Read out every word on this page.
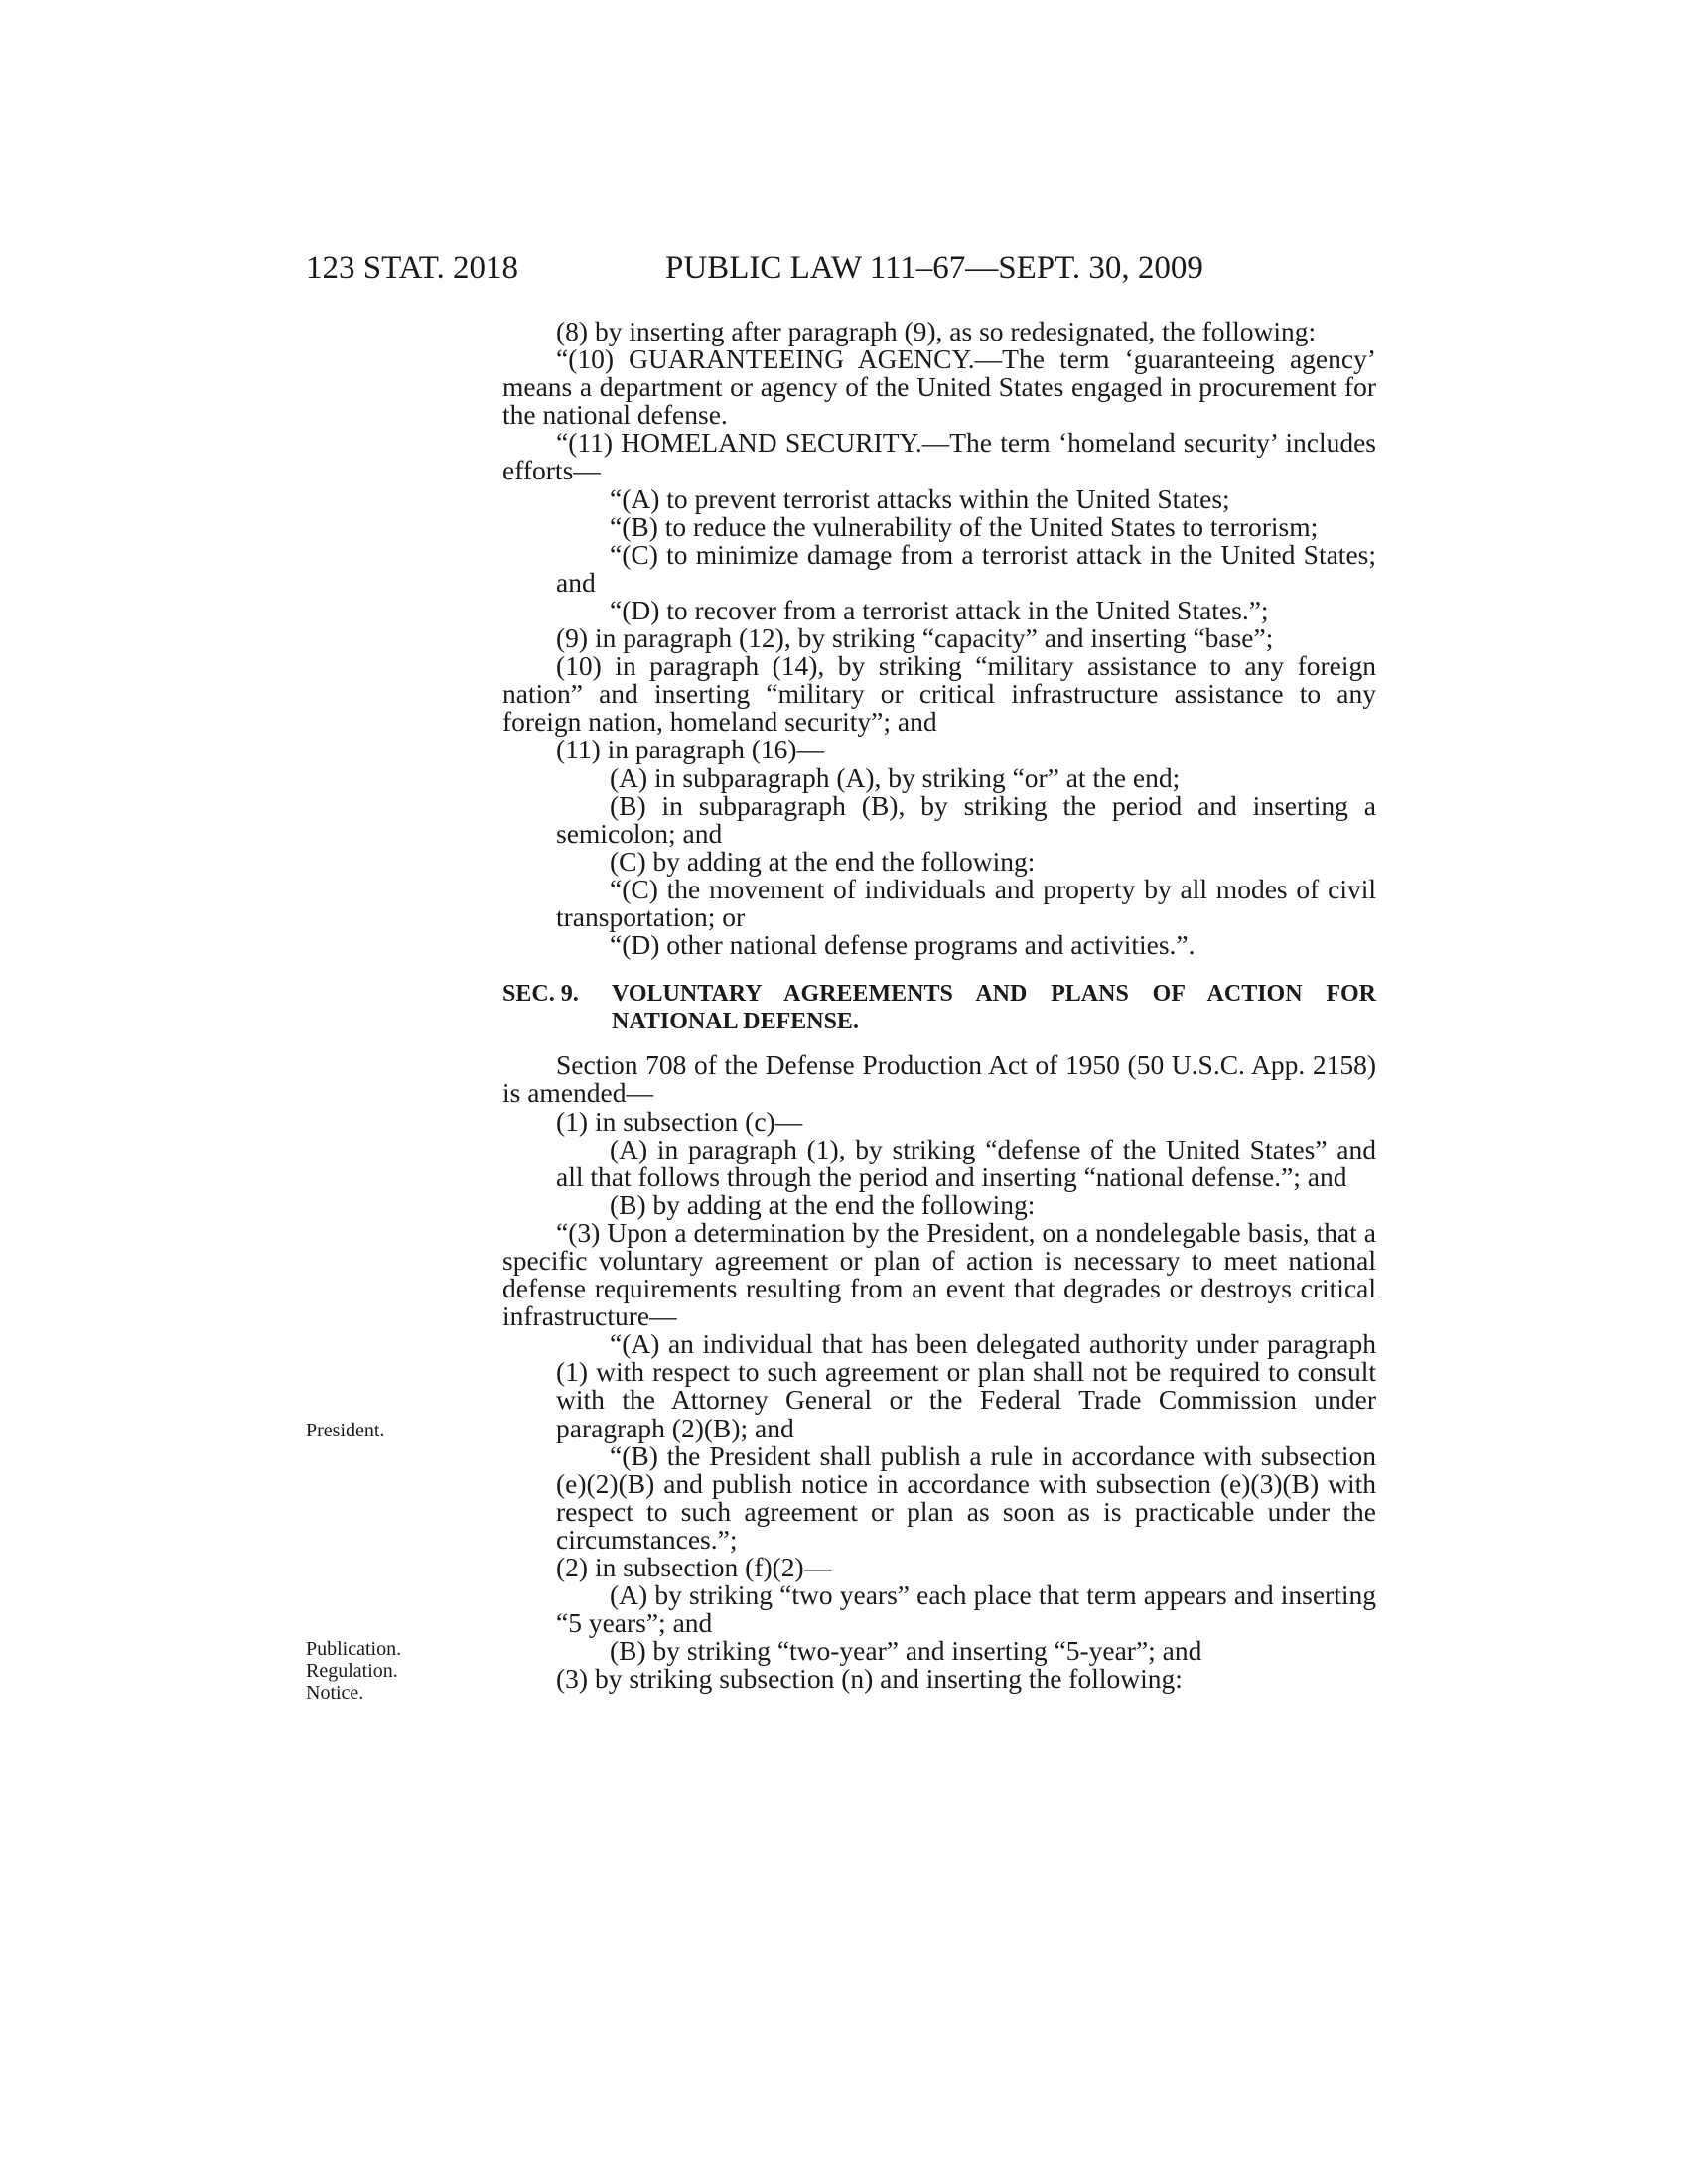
123 STAT. 2018	PUBLIC LAW 111–67—SEPT. 30, 2009
President.
Publication.
Regulation.
Notice.

(8) by inserting after paragraph (9), as so redesignated, the following:

“(10) GUARANTEEING AGENCY.—The term ‘guaranteeing agency’ means a department or agency of the United States engaged in procurement for the national defense.

“(11) HOMELAND SECURITY.—The term ‘homeland security’ includes efforts—

“(A) to prevent terrorist attacks within the United States;

“(B) to reduce the vulnerability of the United States to terrorism;

“(C) to minimize damage from a terrorist attack in the United States; and

“(D) to recover from a terrorist attack in the United States.”;

(9) in paragraph (12), by striking “capacity” and inserting “base”;

(10) in paragraph (14), by striking “military assistance to any foreign nation” and inserting “military or critical infrastructure assistance to any foreign nation, homeland security”; and

(11) in paragraph (16)—

(A) in subparagraph (A), by striking “or” at the end;

(B) in subparagraph (B), by striking the period and inserting a semicolon; and

(C) by adding at the end the following:

“(C) the movement of individuals and property by all modes of civil transportation; or

“(D) other national defense programs and activities.”.

SEC. 9.	VOLUNTARY AGREEMENTS AND PLANS OF ACTION FOR NATIONAL DEFENSE.

Section 708 of the Defense Production Act of 1950 (50 U.S.C. App. 2158) is amended—

(1) in subsection (c)—

(A) in paragraph (1), by striking “defense of the United States” and all that follows through the period and inserting “national defense.”; and

(B) by adding at the end the following:

“(3) Upon a determination by the President, on a nondelegable basis, that a specific voluntary agreement or plan of action is necessary to meet national defense requirements resulting from an event that degrades or destroys critical infrastructure—

“(A) an individual that has been delegated authority under paragraph (1) with respect to such agreement or plan shall not be required to consult with the Attorney General or the Federal Trade Commission under paragraph (2)(B); and

“(B) the President shall publish a rule in accordance with subsection (e)(2)(B) and publish notice in accordance with subsection (e)(3)(B) with respect to such agreement or plan as soon as is practicable under the circumstances.”;

(2) in subsection (f)(2)—

(A) by striking “two years” each place that term appears and inserting “5 years”; and

(B) by striking “two-year” and inserting “5-year”; and

(3) by striking subsection (n) and inserting the following:
